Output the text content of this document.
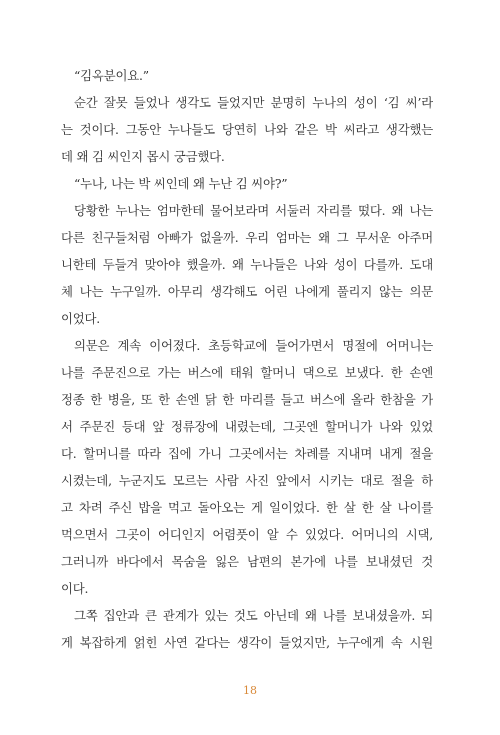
“김옥분이요.”
순간 잘못 들었나 생각도 들었지만 분명히 누나의 성이 ‘김 씨’라
는 것이다. 그동안 누나들도 당연히 나와 같은 박 씨라고 생각했는
데 왜 김 씨인지 몹시 궁금했다.
“누나, 나는 박 씨인데 왜 누난 김 씨야?”
당황한 누나는 엄마한테 물어보라며 서둘러 자리를 떴다. 왜 나는
다른 친구들처럼 아빠가 없을까. 우리 엄마는 왜 그 무서운 아주머
니한테 두들겨 맞아야 했을까. 왜 누나들은 나와 성이 다를까. 도대
체 나는 누구일까. 아무리 생각해도 어린 나에게 풀리지 않는 의문
이었다.
의문은 계속 이어졌다. 초등학교에 들어가면서 명절에 어머니는
나를 주문진으로 가는 버스에 태워 할머니 댁으로 보냈다. 한 손엔
정종 한 병을, 또 한 손엔 닭 한 마리를 들고 버스에 올라 한참을 가
서 주문진 등대 앞 정류장에 내렸는데, 그곳엔 할머니가 나와 있었
다. 할머니를 따라 집에 가니 그곳에서는 차례를 지내며 내게 절을
시켰는데, 누군지도 모르는 사람 사진 앞에서 시키는 대로 절을 하
고 차려 주신 밥을 먹고 돌아오는 게 일이었다. 한 살 한 살 나이를
먹으면서 그곳이 어디인지 어렴풋이 알 수 있었다. 어머니의 시댁,
그러니까 바다에서 목숨을 잃은 남편의 본가에 나를 보내셨던 것
이다.
그쪽 집안과 큰 관계가 있는 것도 아닌데 왜 나를 보내셨을까. 되
게 복잡하게 얽힌 사연 같다는 생각이 들었지만, 누구에게 속 시원
18
